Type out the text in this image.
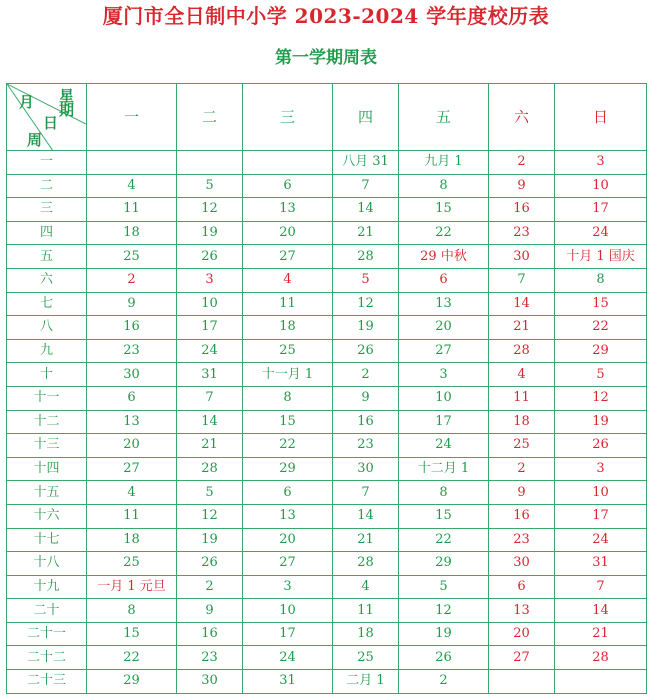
厦门市全日制中小学 2023-2024 学年度校历表
第一学期周表
月 星
期
日
周	一	二	三	四	五	六	日
一				八月 31	九月 1	2	3
二	4	5	6	7	8	9	10
三	11	12	13	14	15	16	17
四	18	19	20	21	22	23	24
五	25	26	27	28	29 中秋	30	十月 1 国庆
六	2	3	4	5	6	7	8
七	9	10	11	12	13	14	15
八	16	17	18	19	20	21	22
九	23	24	25	26	27	28	29
十	30	31	十一月 1	2	3	4	5
十一	6	7	8	9	10	11	12
十二	13	14	15	16	17	18	19
十三	20	21	22	23	24	25	26
十四	27	28	29	30	十二月 1	2	3
十五	4	5	6	7	8	9	10
十六	11	12	13	14	15	16	17
十七	18	19	20	21	22	23	24
十八	25	26	27	28	29	30	31
十九	一月 1 元旦	2	3	4	5	6	7
二十	8	9	10	11	12	13	14
二十一	15	16	17	18	19	20	21
二十二	22	23	24	25	26	27	28
二十三	29	30	31	二月 1	2		
